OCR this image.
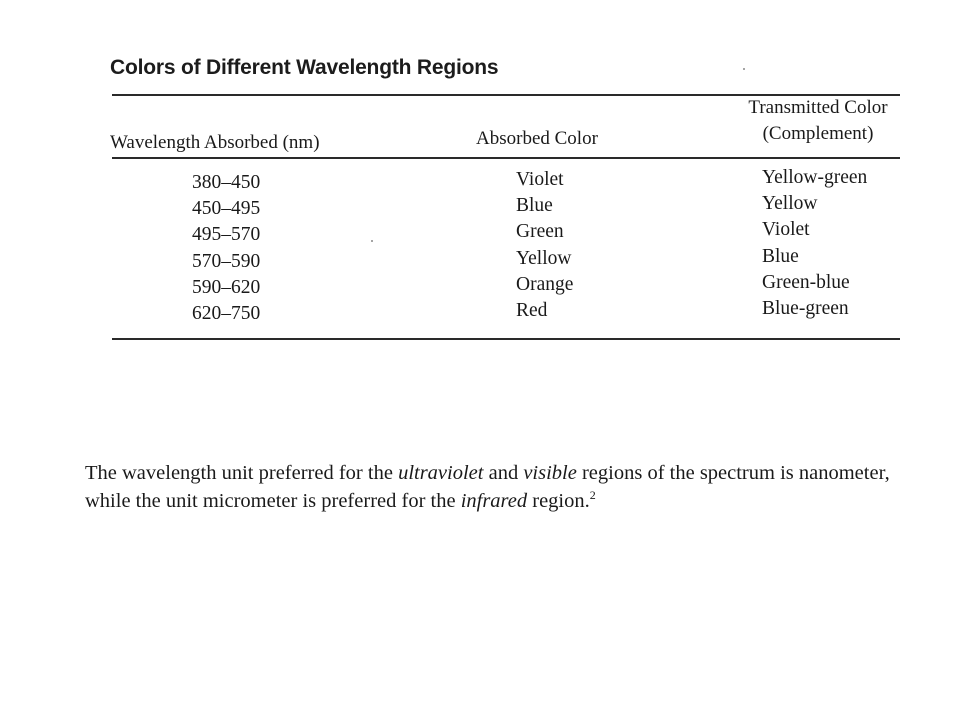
Colors of Different Wavelength Regions
Wavelength Absorbed (nm)	Absorbed Color
Transmitted Color
(Complement)
380–450
450–495
495–570
570–590
590–620
620–750
Violet
Blue
Green
Yellow
Orange
Red
Yellow-green
Yellow
Violet
Blue
Green-blue
Blue-green
The wavelength unit preferred for the ultraviolet and visible regions of the spectrum is nanometer, while the unit micrometer is preferred for the infrared region.$^2$
